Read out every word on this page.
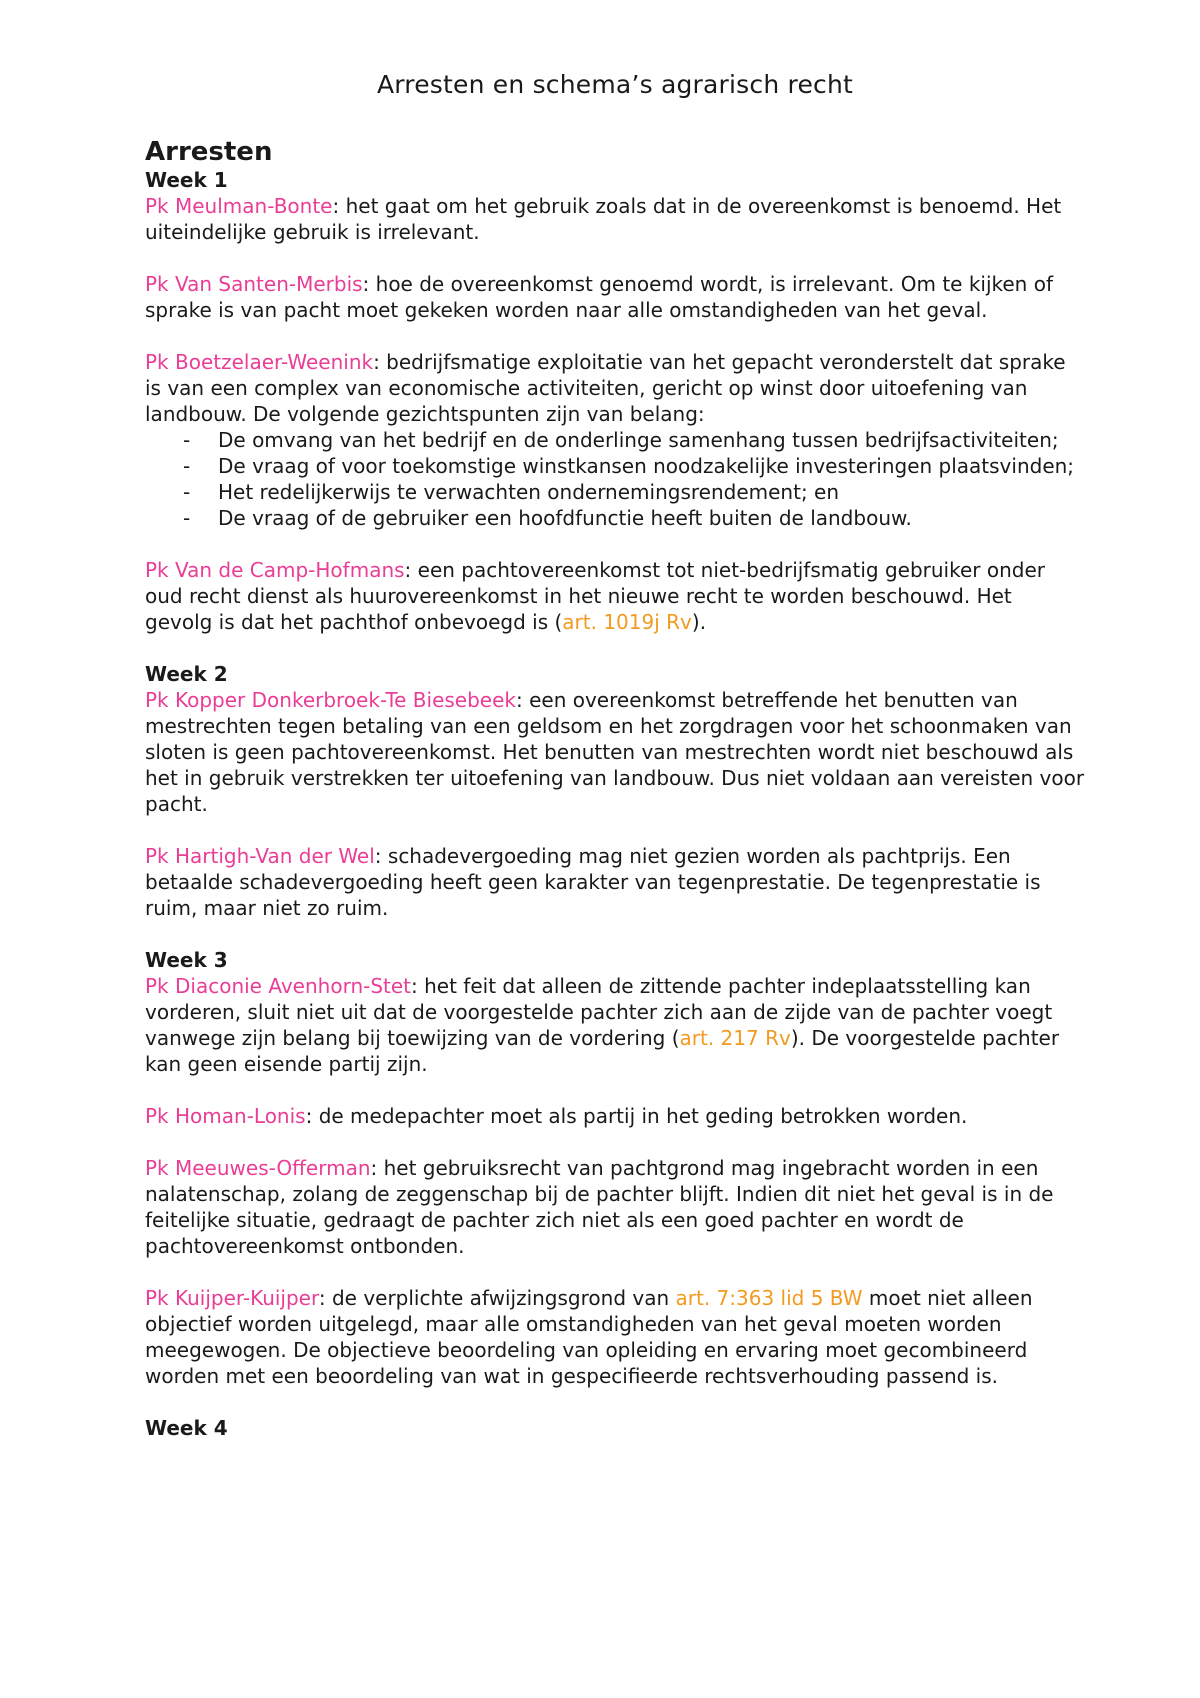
Arresten en schema’s agrarisch recht
Arresten
Week 1

Pk Meulman-Bonte: het gaat om het gebruik zoals dat in de overeenkomst is benoemd. Het uiteindelijke gebruik is irrelevant.

Pk Van Santen-Merbis: hoe de overeenkomst genoemd wordt, is irrelevant. Om te kijken of sprake is van pacht moet gekeken worden naar alle omstandigheden van het geval.

Pk Boetzelaer-Weenink: bedrijfsmatige exploitatie van het gepacht veronderstelt dat sprake is van een complex van economische activiteiten, gericht op winst door uitoefening van landbouw. De volgende gezichtspunten zijn van belang:

- De omvang van het bedrijf en de onderlinge samenhang tussen bedrijfsactiviteiten;
- De vraag of voor toekomstige winstkansen noodzakelijke investeringen plaatsvinden;
- Het redelijkerwijs te verwachten ondernemingsrendement; en
- De vraag of de gebruiker een hoofdfunctie heeft buiten de landbouw.

Pk Van de Camp-Hofmans: een pachtovereenkomst tot niet-bedrijfsmatig gebruiker onder oud recht dienst als huurovereenkomst in het nieuwe recht te worden beschouwd. Het gevolg is dat het pachthof onbevoegd is (art. 1019j Rv).

Week 2

Pk Kopper Donkerbroek-Te Biesebeek: een overeenkomst betreffende het benutten van mestrechten tegen betaling van een geldsom en het zorgdragen voor het schoonmaken van sloten is geen pachtovereenkomst. Het benutten van mestrechten wordt niet beschouwd als het in gebruik verstrekken ter uitoefening van landbouw. Dus niet voldaan aan vereisten voor pacht.

Pk Hartigh-Van der Wel: schadevergoeding mag niet gezien worden als pachtprijs. Een betaalde schadevergoeding heeft geen karakter van tegenprestatie. De tegenprestatie is ruim, maar niet zo ruim.

Week 3

Pk Diaconie Avenhorn-Stet: het feit dat alleen de zittende pachter indeplaatsstelling kan vorderen, sluit niet uit dat de voorgestelde pachter zich aan de zijde van de pachter voegt vanwege zijn belang bij toewijzing van de vordering (art. 217 Rv). De voorgestelde pachter kan geen eisende partij zijn.

Pk Homan-Lonis: de medepachter moet als partij in het geding betrokken worden.

Pk Meeuwes-Offerman: het gebruiksrecht van pachtgrond mag ingebracht worden in een nalatenschap, zolang de zeggenschap bij de pachter blijft. Indien dit niet het geval is in de feitelijke situatie, gedraagt de pachter zich niet als een goed pachter en wordt de pachtovereenkomst ontbonden.

Pk Kuijper-Kuijper: de verplichte afwijzingsgrond van art. 7:363 lid 5 BW moet niet alleen objectief worden uitgelegd, maar alle omstandigheden van het geval moeten worden meegewogen. De objectieve beoordeling van opleiding en ervaring moet gecombineerd worden met een beoordeling van wat in gespecifieerde rechtsverhouding passend is.

Week 4
